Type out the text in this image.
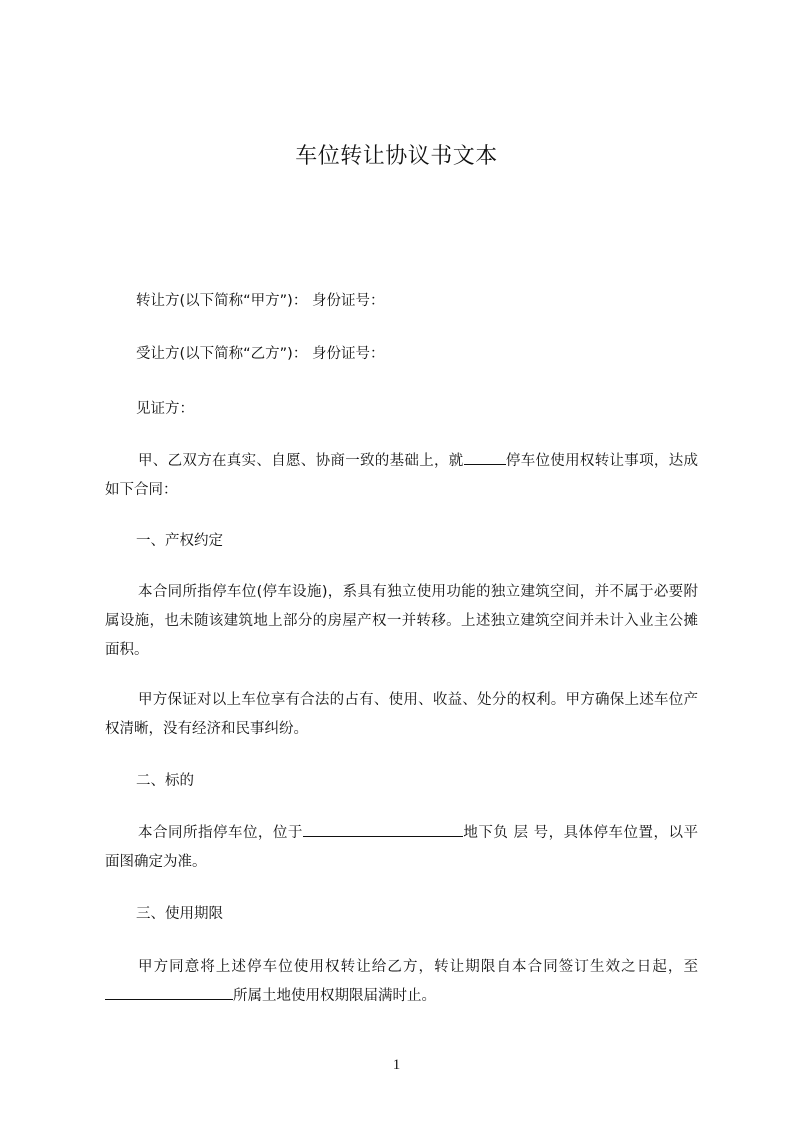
车位转让协议书文本
转让方(以下简称“甲方”)： 身份证号：
受让方(以下简称“乙方”)： 身份证号：
见证方：
甲、乙双方在真实、自愿、协商一致的基础上，就	停车位使用权转让事项，达成如下合同：
一、产权约定
本合同所指停车位(停车设施)，系具有独立使用功能的独立建筑空间，并不属于必要附属设施，也未随该建筑地上部分的房屋产权一并转移。上述独立建筑空间并未计入业主公摊面积。
甲方保证对以上车位享有合法的占有、使用、收益、处分的权利。甲方确保上述车位产权清晰，没有经济和民事纠纷。
二、标的
本合同所指停车位，位于	地下负 层 号，具体停车位置，以平面图确定为准。
三、使用期限
甲方同意将上述停车位使用权转让给乙方，转让期限自本合同签订生效之日起，至所属土地使用权期限届满时止。
1
